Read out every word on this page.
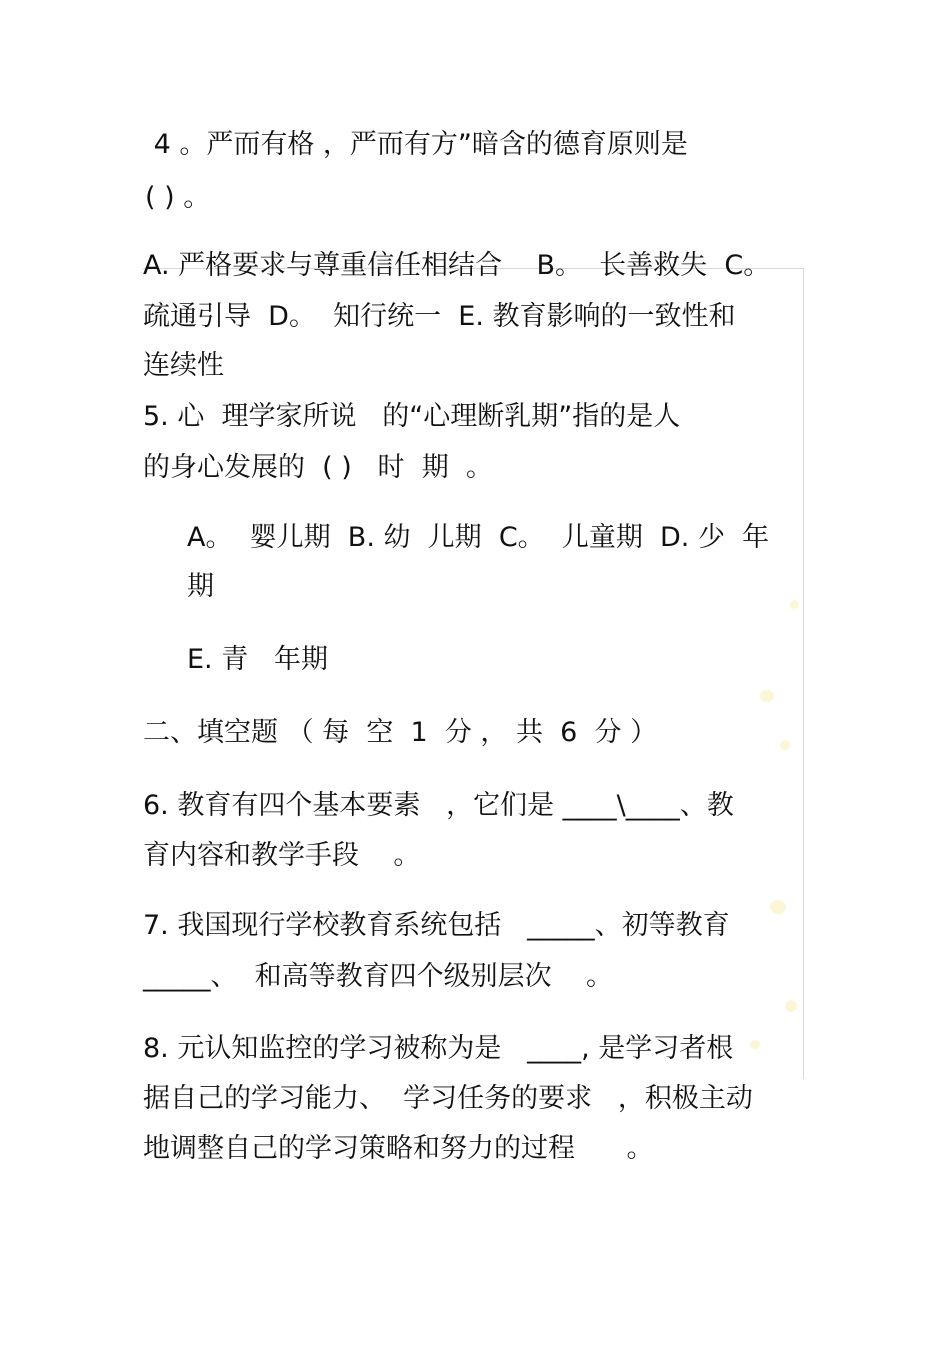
4 。严而有格 ，严而有方”暗含的德育原则是
( ) 。
A. 严格要求与尊重信任相结合    B。  长善救失  C。
疏通引导  D。  知行统一  E. 教育影响的一致性和
连续性
5. 心  理学家所说   的“心理断乳期”指的是人
的身心发展的  ( )   时  期  。
A。  婴儿期  B. 幼  儿期  C。  儿童期  D. 少  年
期
E. 青   年期
二、填空题 （ 每  空  1  分 ， 共  6  分 ）
6. 教育有四个基本要素   ，它们是 ____\____、教
育内容和教学手段    。
7. 我国现行学校教育系统包括   _____、初等教育
_____、  和高等教育四个级别层次    。
8. 元认知监控的学习被称为是   ____, 是学习者根
据自己的学习能力、  学习任务的要求   ，积极主动
地调整自己的学习策略和努力的过程      。
